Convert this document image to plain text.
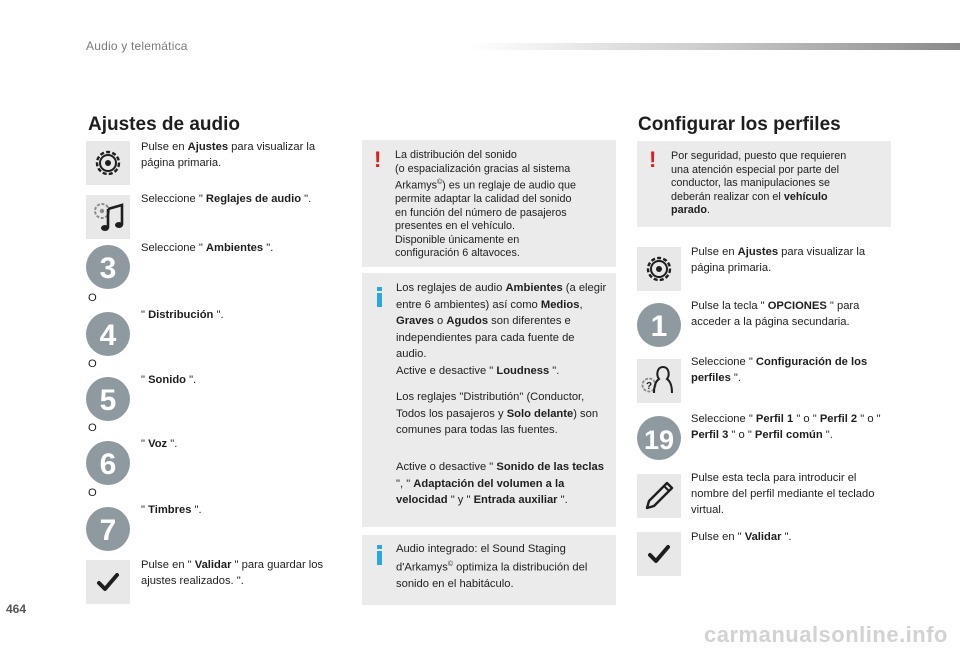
Audio y telemática
Ajustes de audio
Pulse en Ajustes para visualizar la página primaria.
Seleccione " Reglajes de audio ".
3
Seleccione " Ambientes ".
O
4
" Distribución ".
O
5
" Sonido ".
O
6
" Voz ".
O
7
" Timbres ".
Pulse en " Validar " para guardar los ajustes realizados. ".
! La distribución del sonido
(o espacialización gracias al sistema
Arkamys©) es un reglaje de audio que
permite adaptar la calidad del sonido
en función del número de pasajeros
presentes en el vehículo.
Disponible únicamente en
configuración 6 altavoces.
Los reglajes de audio Ambientes (a elegir entre 6 ambientes) así como Medios, Graves o Agudos son diferentes e independientes para cada fuente de audio.
Active e desactive " Loudness ".
Los reglajes "Distributión" (Conductor, Todos los pasajeros y Solo delante) son comunes para todas las fuentes.
Active o desactive " Sonido de las teclas ", " Adaptación del volumen a la velocidad " y " Entrada auxiliar ".
Audio integrado: el Sound Staging
d'Arkamys© optimiza la distribución del
sonido en el habitáculo.
Configurar los perfiles
! Por seguridad, puesto que requieren
una atención especial por parte del
conductor, las manipulaciones se
deberán realizar con el vehículo
parado.
Pulse en Ajustes para visualizar la página primaria.
1
Pulse la tecla " OPCIONES " para acceder a la página secundaria.
?
Seleccione " Configuración de los perfiles ".
19
Seleccione " Perfil 1 " o " Perfil 2 " o " Perfil 3 " o " Perfil común ".
Pulse esta tecla para introducir el nombre del perfil mediante el teclado virtual.
Pulse en " Validar ".
464
carmanualsonline.info
